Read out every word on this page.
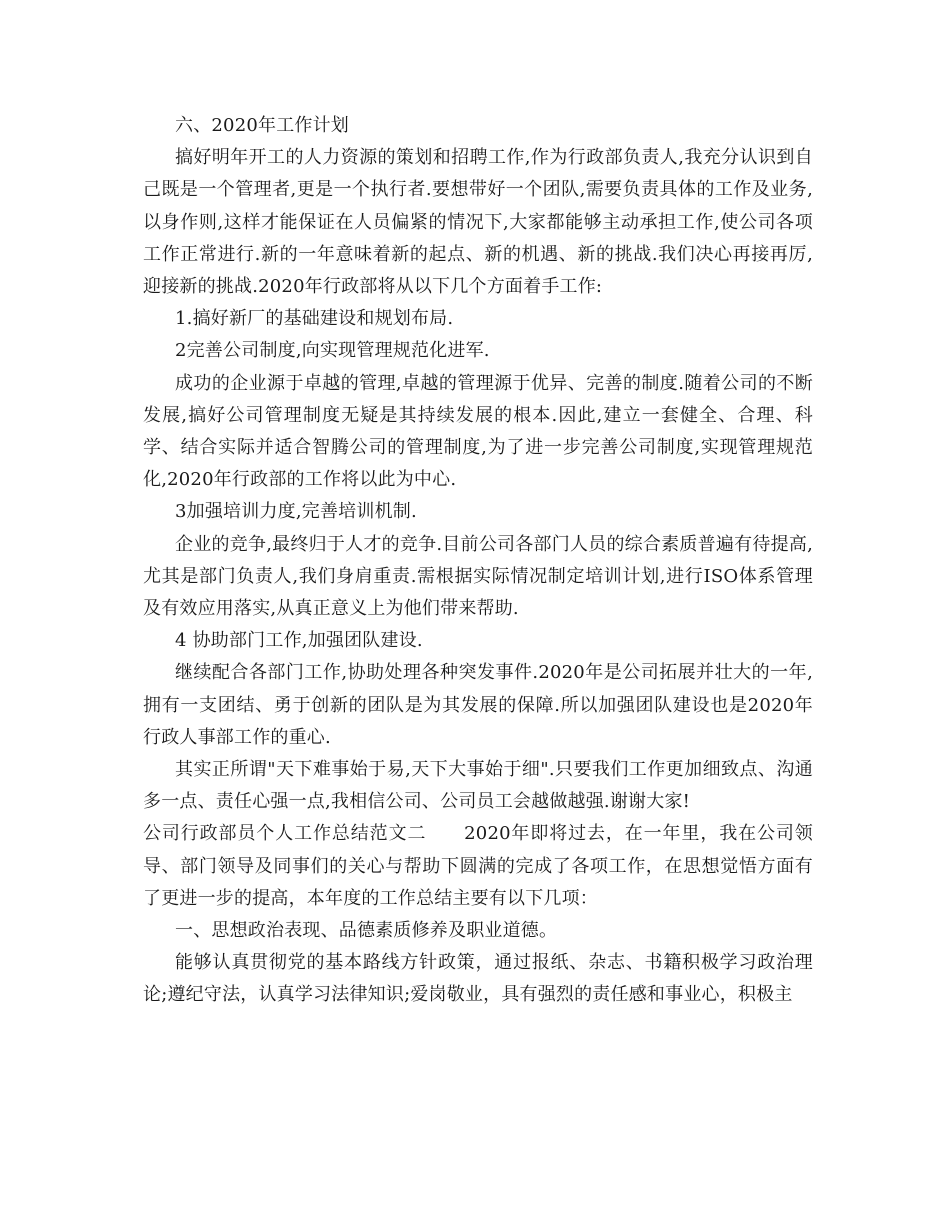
六、2020年工作计划

搞好明年开工的人力资源的策划和招聘工作,作为行政部负责人,我充分认识到自己既是一个管理者,更是一个执行者.要想带好一个团队,需要负责具体的工作及业务,以身作则,这样才能保证在人员偏紧的情况下,大家都能够主动承担工作,使公司各项工作正常进行.新的一年意味着新的起点、新的机遇、新的挑战.我们决心再接再厉,迎接新的挑战.2020年行政部将从以下几个方面着手工作:

1.搞好新厂的基础建设和规划布局.

2完善公司制度,向实现管理规范化进军.

成功的企业源于卓越的管理,卓越的管理源于优异、完善的制度.随着公司的不断发展,搞好公司管理制度无疑是其持续发展的根本.因此,建立一套健全、合理、科学、结合实际并适合智腾公司的管理制度,为了进一步完善公司制度,实现管理规范化,2020年行政部的工作将以此为中心.

3加强培训力度,完善培训机制.

企业的竞争,最终归于人才的竞争.目前公司各部门人员的综合素质普遍有待提高,尤其是部门负责人,我们身肩重责.需根据实际情况制定培训计划,进行ISO体系管理及有效应用落实,从真正意义上为他们带来帮助.

4 协助部门工作,加强团队建设.

继续配合各部门工作,协助处理各种突发事件.2020年是公司拓展并壮大的一年,拥有一支团结、勇于创新的团队是为其发展的保障.所以加强团队建设也是2020年行政人事部工作的重心.

其实正所谓"天下难事始于易,天下大事始于细".只要我们工作更加细致点、沟通多一点、责任心强一点,我相信公司、公司员工会越做越强.谢谢大家!

公司行政部员个人工作总结范文二　　2020年即将过去，在一年里，我在公司领导、部门领导及同事们的关心与帮助下圆满的完成了各项工作，在思想觉悟方面有了更进一步的提高，本年度的工作总结主要有以下几项：

一、思想政治表现、品德素质修养及职业道德。

能够认真贯彻党的基本路线方针政策，通过报纸、杂志、书籍积极学习政治理论;遵纪守法，认真学习法律知识;爱岗敬业，具有强烈的责任感和事业心，积极主
